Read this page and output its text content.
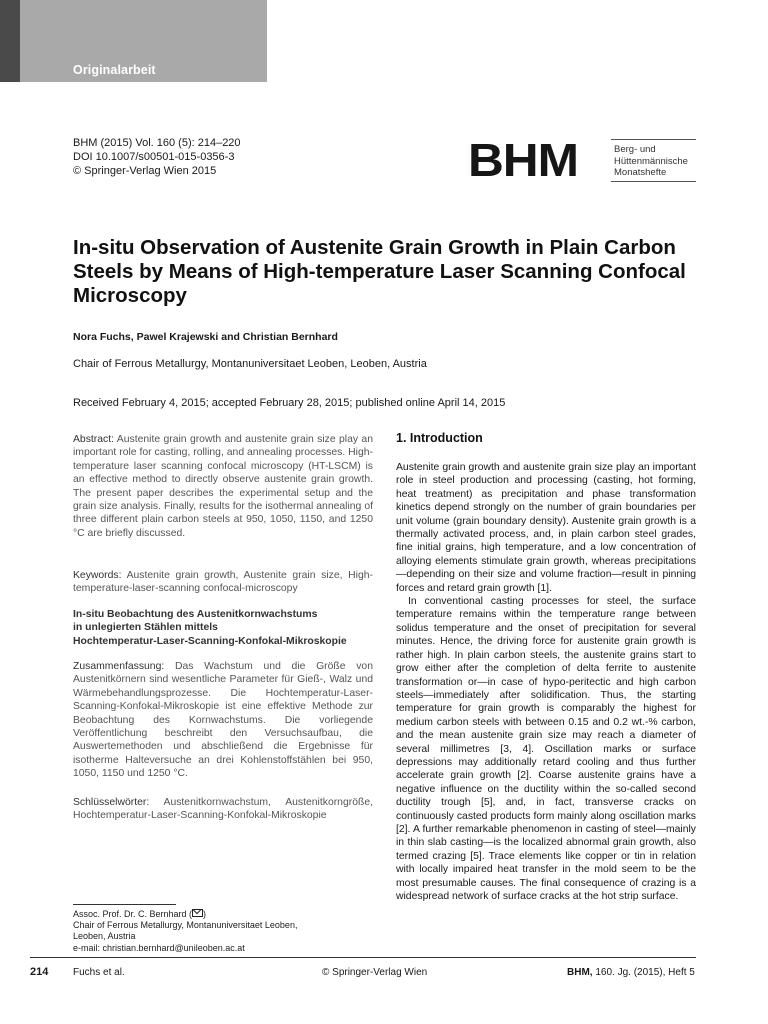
Originalarbeit
BHM (2015) Vol. 160 (5): 214–220
DOI 10.1007/s00501-015-0356-3
© Springer-Verlag Wien 2015	BHM	Berg- und
Hüttenmännische
Monatshefte
In-situ Observation of Austenite Grain Growth in Plain Carbon Steels by Means of High-temperature Laser Scanning Confocal Microscopy
Nora Fuchs, Pawel Krajewski and Christian Bernhard
Chair of Ferrous Metallurgy, Montanuniversitaet Leoben, Leoben, Austria
Received February 4, 2015; accepted February 28, 2015; published online April 14, 2015

Abstract: Austenite grain growth and austenite grain size play an important role for casting, rolling, and annealing processes. High-temperature laser scanning confocal microscopy (HT-LSCM) is an effective method to directly observe austenite grain growth. The present paper describes the experimental setup and the grain size analysis. Finally, results for the isothermal annealing of three different plain carbon steels at 950, 1050, 1150, and 1250 °C are briefly discussed.

Keywords: Austenite grain growth, Austenite grain size, High-temperature-laser-scanning confocal-microscopy

In-situ Beobachtung des Austenitkornwachstums
in unlegierten Stählen mittels
Hochtemperatur-Laser-Scanning-Konfokal-Mikroskopie

Zusammenfassung: Das Wachstum und die Größe von Austenitkörnern sind wesentliche Parameter für Gieß-, Walz und Wärmebehandlungsprozesse. Die Hochtemperatur-Laser-Scanning-Konfokal-Mikroskopie ist eine effektive Methode zur Beobachtung des Kornwachstums. Die vorliegende Veröffentlichung beschreibt den Versuchsaufbau, die Auswertemethoden und abschließend die Ergebnisse für isotherme Halteversuche an drei Kohlenstoffstählen bei 950, 1050, 1150 und 1250 °C.

Schlüsselwörter: Austenitkornwachstum, Austenitkorngröße, Hochtemperatur-Laser-Scanning-Konfokal-Mikroskopie

Assoc. Prof. Dr. C. Bernhard ( )
Chair of Ferrous Metallurgy, Montanuniversitaet Leoben,
Leoben, Austria
e-mail: christian.bernhard@unileoben.ac.at
1. Introduction

Austenite grain growth and austenite grain size play an important role in steel production and processing (casting, hot forming, heat treatment) as precipitation and phase transformation kinetics depend strongly on the number of grain boundaries per unit volume (grain boundary density). Austenite grain growth is a thermally activated process, and, in plain carbon steel grades, fine initial grains, high temperature, and a low concentration of alloying elements stimulate grain growth, whereas precipitations—depending on their size and volume fraction—result in pinning forces and retard grain growth [1].

In conventional casting processes for steel, the surface temperature remains within the temperature range between solidus temperature and the onset of precipitation for several minutes. Hence, the driving force for austenite grain growth is rather high. In plain carbon steels, the austenite grains start to grow either after the completion of delta ferrite to austenite transformation or—in case of hypo-peritectic and high carbon steels—immediately after solidification. Thus, the starting temperature for grain growth is comparably the highest for medium carbon steels with between 0.15 and 0.2 wt.-% carbon, and the mean austenite grain size may reach a diameter of several millimetres [3, 4]. Oscillation marks or surface depressions may additionally retard cooling and thus further accelerate grain growth [2]. Coarse austenite grains have a negative influence on the ductility within the so-called second ductility trough [5], and, in fact, transverse cracks on continuously casted products form mainly along oscillation marks [2]. A further remarkable phenomenon in casting of steel—mainly in thin slab casting—is the localized abnormal grain growth, also termed crazing [5]. Trace elements like copper or tin in relation with locally impaired heat transfer in the mold seem to be the most presumable causes. The final consequence of crazing is a widespread network of surface cracks at the hot strip surface.

214 Fuchs et al.	© Springer-Verlag Wien	BHM, 160. Jg. (2015), Heft 5
